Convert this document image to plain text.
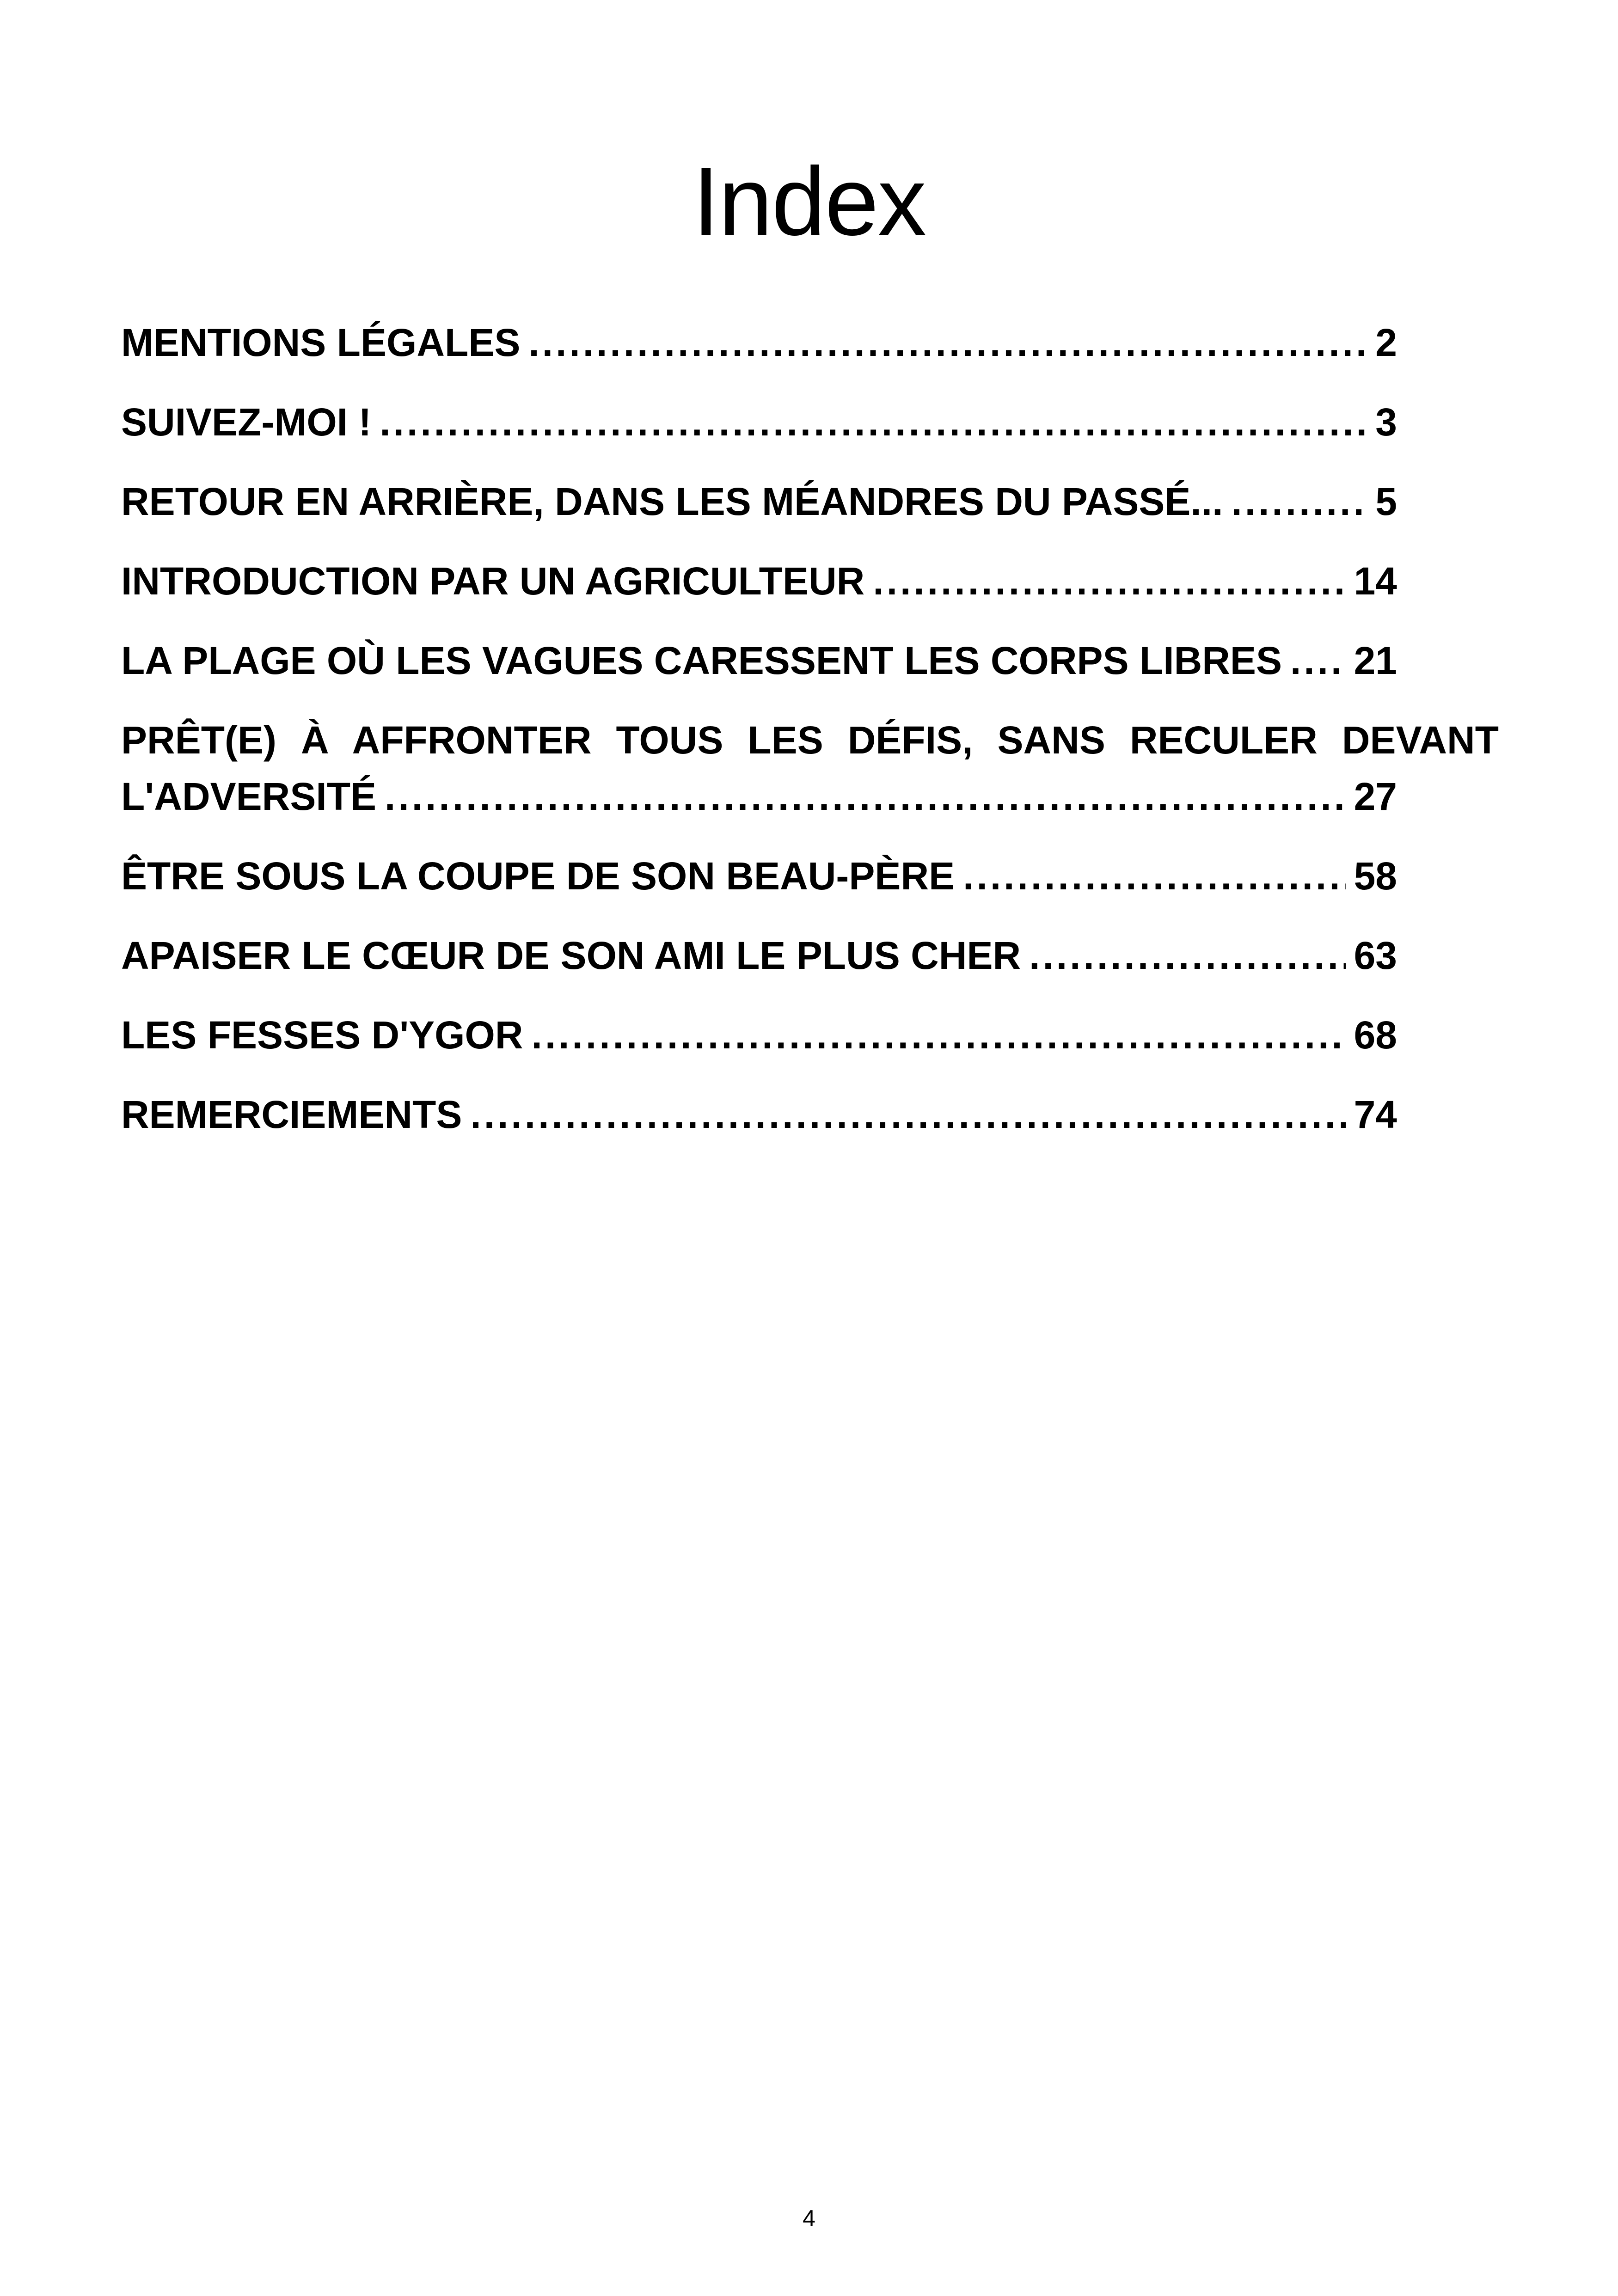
Index
MENTIONS LÉGALES .....	2
SUIVEZ-MOI ! .....	3
RETOUR EN ARRIÈRE, DANS LES MÉANDRES DU PASSÉ... .....	5
INTRODUCTION PAR UN AGRICULTEUR .....	14
LA PLAGE OÙ LES VAGUES CARESSENT LES CORPS LIBRES ..... 21
PRÊT(E) À AFFRONTER TOUS LES DÉFIS, SANS RECULER DEVANT
L'ADVERSITÉ .....	27
ÊTRE SOUS LA COUPE DE SON BEAU-PÈRE .....	58
APAISER LE CŒUR DE SON AMI LE PLUS CHER .....	63
LES FESSES D'YGOR .....	68
REMERCIEMENTS .....	74
4
